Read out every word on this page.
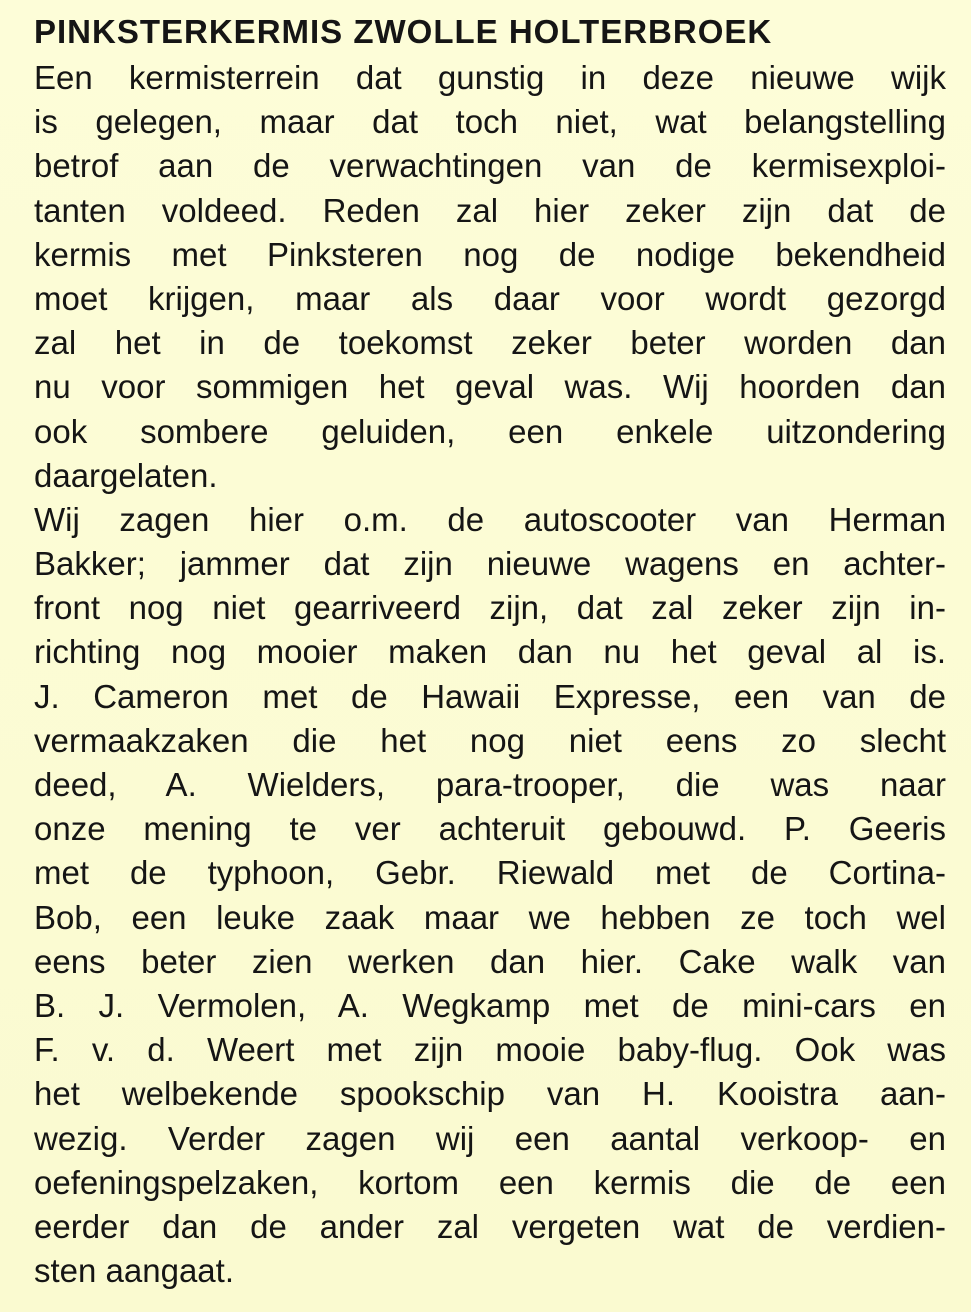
PINKSTERKERMIS ZWOLLE HOLTERBROEK
Een kermisterrein dat gunstig in deze nieuwe wijk
is gelegen, maar dat toch niet, wat belangstelling
betrof aan de verwachtingen van de kermisexploi-
tanten voldeed. Reden zal hier zeker zijn dat de
kermis met Pinksteren nog de nodige bekendheid
moet krijgen, maar als daar voor wordt gezorgd
zal het in de toekomst zeker beter worden dan
nu voor sommigen het geval was. Wij hoorden dan
ook sombere geluiden, een enkele uitzondering
daargelaten.
Wij zagen hier o.m. de autoscooter van Herman
Bakker; jammer dat zijn nieuwe wagens en achter-
front nog niet gearriveerd zijn, dat zal zeker zijn in-
richting nog mooier maken dan nu het geval al is.
J. Cameron met de Hawaii Expresse, een van de
vermaakzaken die het nog niet eens zo slecht
deed, A. Wielders, para-trooper, die was naar
onze mening te ver achteruit gebouwd. P. Geeris
met de typhoon, Gebr. Riewald met de Cortina-
Bob, een leuke zaak maar we hebben ze toch wel
eens beter zien werken dan hier. Cake walk van
B. J. Vermolen, A. Wegkamp met de mini-cars en
F. v. d. Weert met zijn mooie baby-flug. Ook was
het welbekende spookschip van H. Kooistra aan-
wezig. Verder zagen wij een aantal verkoop- en
oefeningspelzaken, kortom een kermis die de een
eerder dan de ander zal vergeten wat de verdien-
sten aangaat.
